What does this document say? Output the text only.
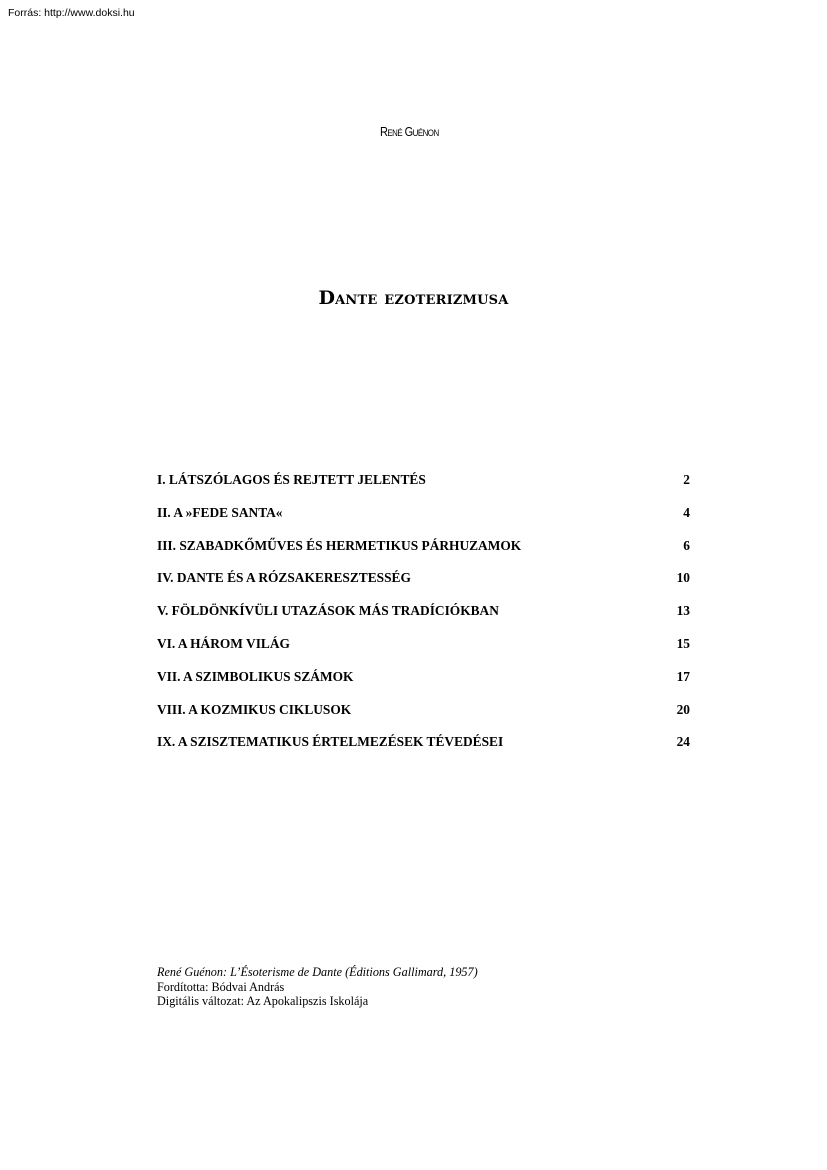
Forrás: http://www.doksi.hu
René Guénon
Dante ezoterizmusa
I. LÁTSZÓLAGOS ÉS REJTETT JELENTÉS	2
II. A »FEDE SANTA«	4
III. SZABADKŐMŰVES ÉS HERMETIKUS PÁRHUZAMOK	6
IV. DANTE ÉS A RÓZSAKERESZTESSÉG	10
V. FÖLDÖNKÍVÜLI UTAZÁSOK MÁS TRADÍCIÓKBAN	13
VI. A HÁROM VILÁG	15
VII. A SZIMBOLIKUS SZÁMOK	17
VIII. A KOZMIKUS CIKLUSOK	20
IX. A SZISZTEMATIKUS ÉRTELMEZÉSEK TÉVEDÉSEI	24
René Guénon: L’Ésoterisme de Dante (Éditions Gallimard, 1957)
Fordította: Bódvai András
Digitális változat: Az Apokalipszis Iskolája
